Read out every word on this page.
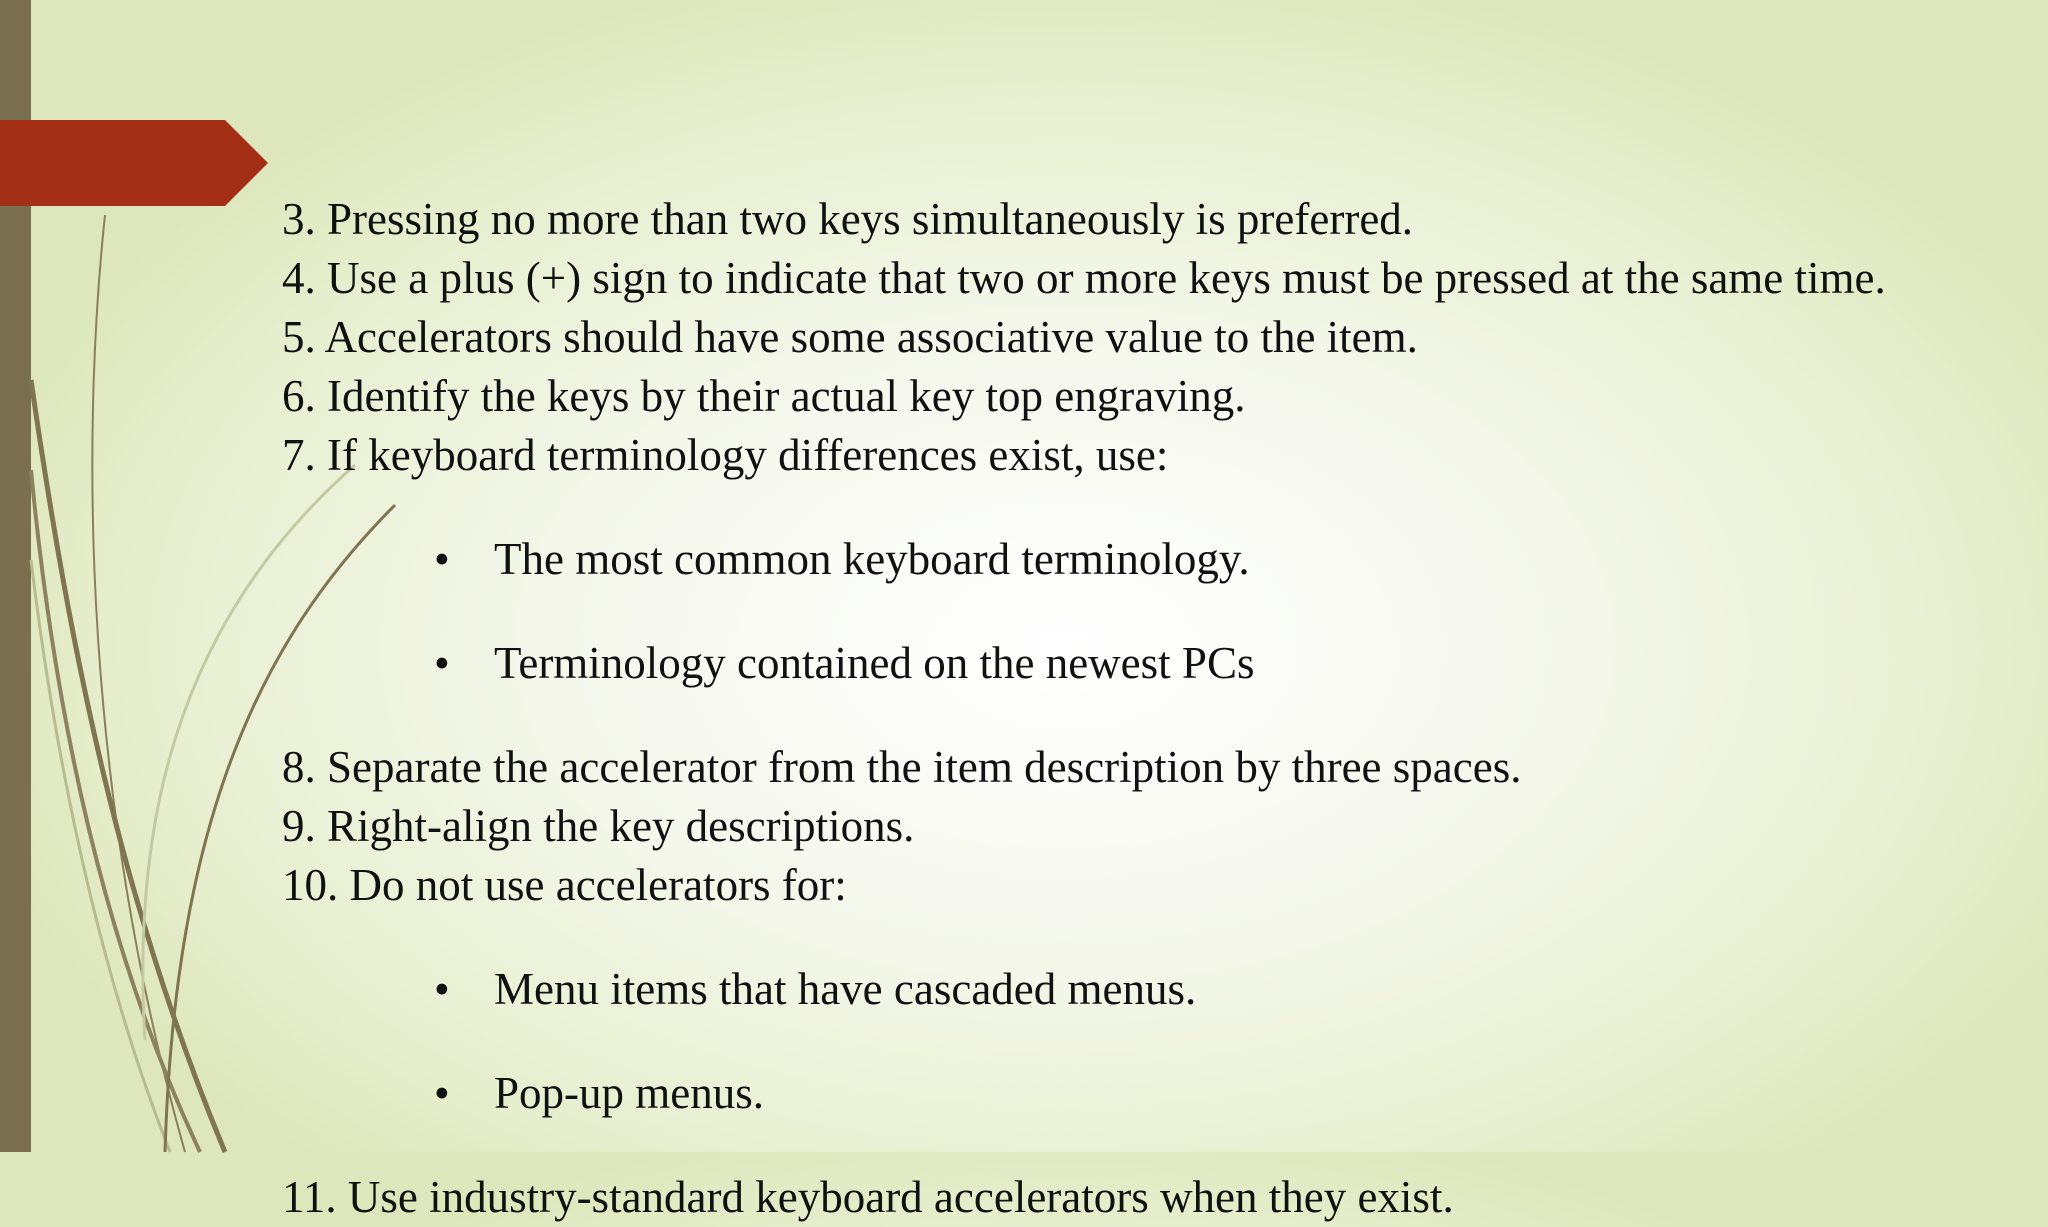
3. Pressing no more than two keys simultaneously is preferred.

4. Use a plus (+) sign to indicate that two or more keys must be pressed at the same time.

5. Accelerators should have some associative value to the item.

6. Identify the keys by their actual key top engraving.

7. If keyboard terminology differences exist, use:

• The most common keyboard terminology.

• Terminology contained on the newest PCs

8. Separate the accelerator from the item description by three spaces.

9. Right-align the key descriptions.

10. Do not use accelerators for:

• Menu items that have cascaded menus.

• Pop-up menus.

11. Use industry-standard keyboard accelerators when they exist.
